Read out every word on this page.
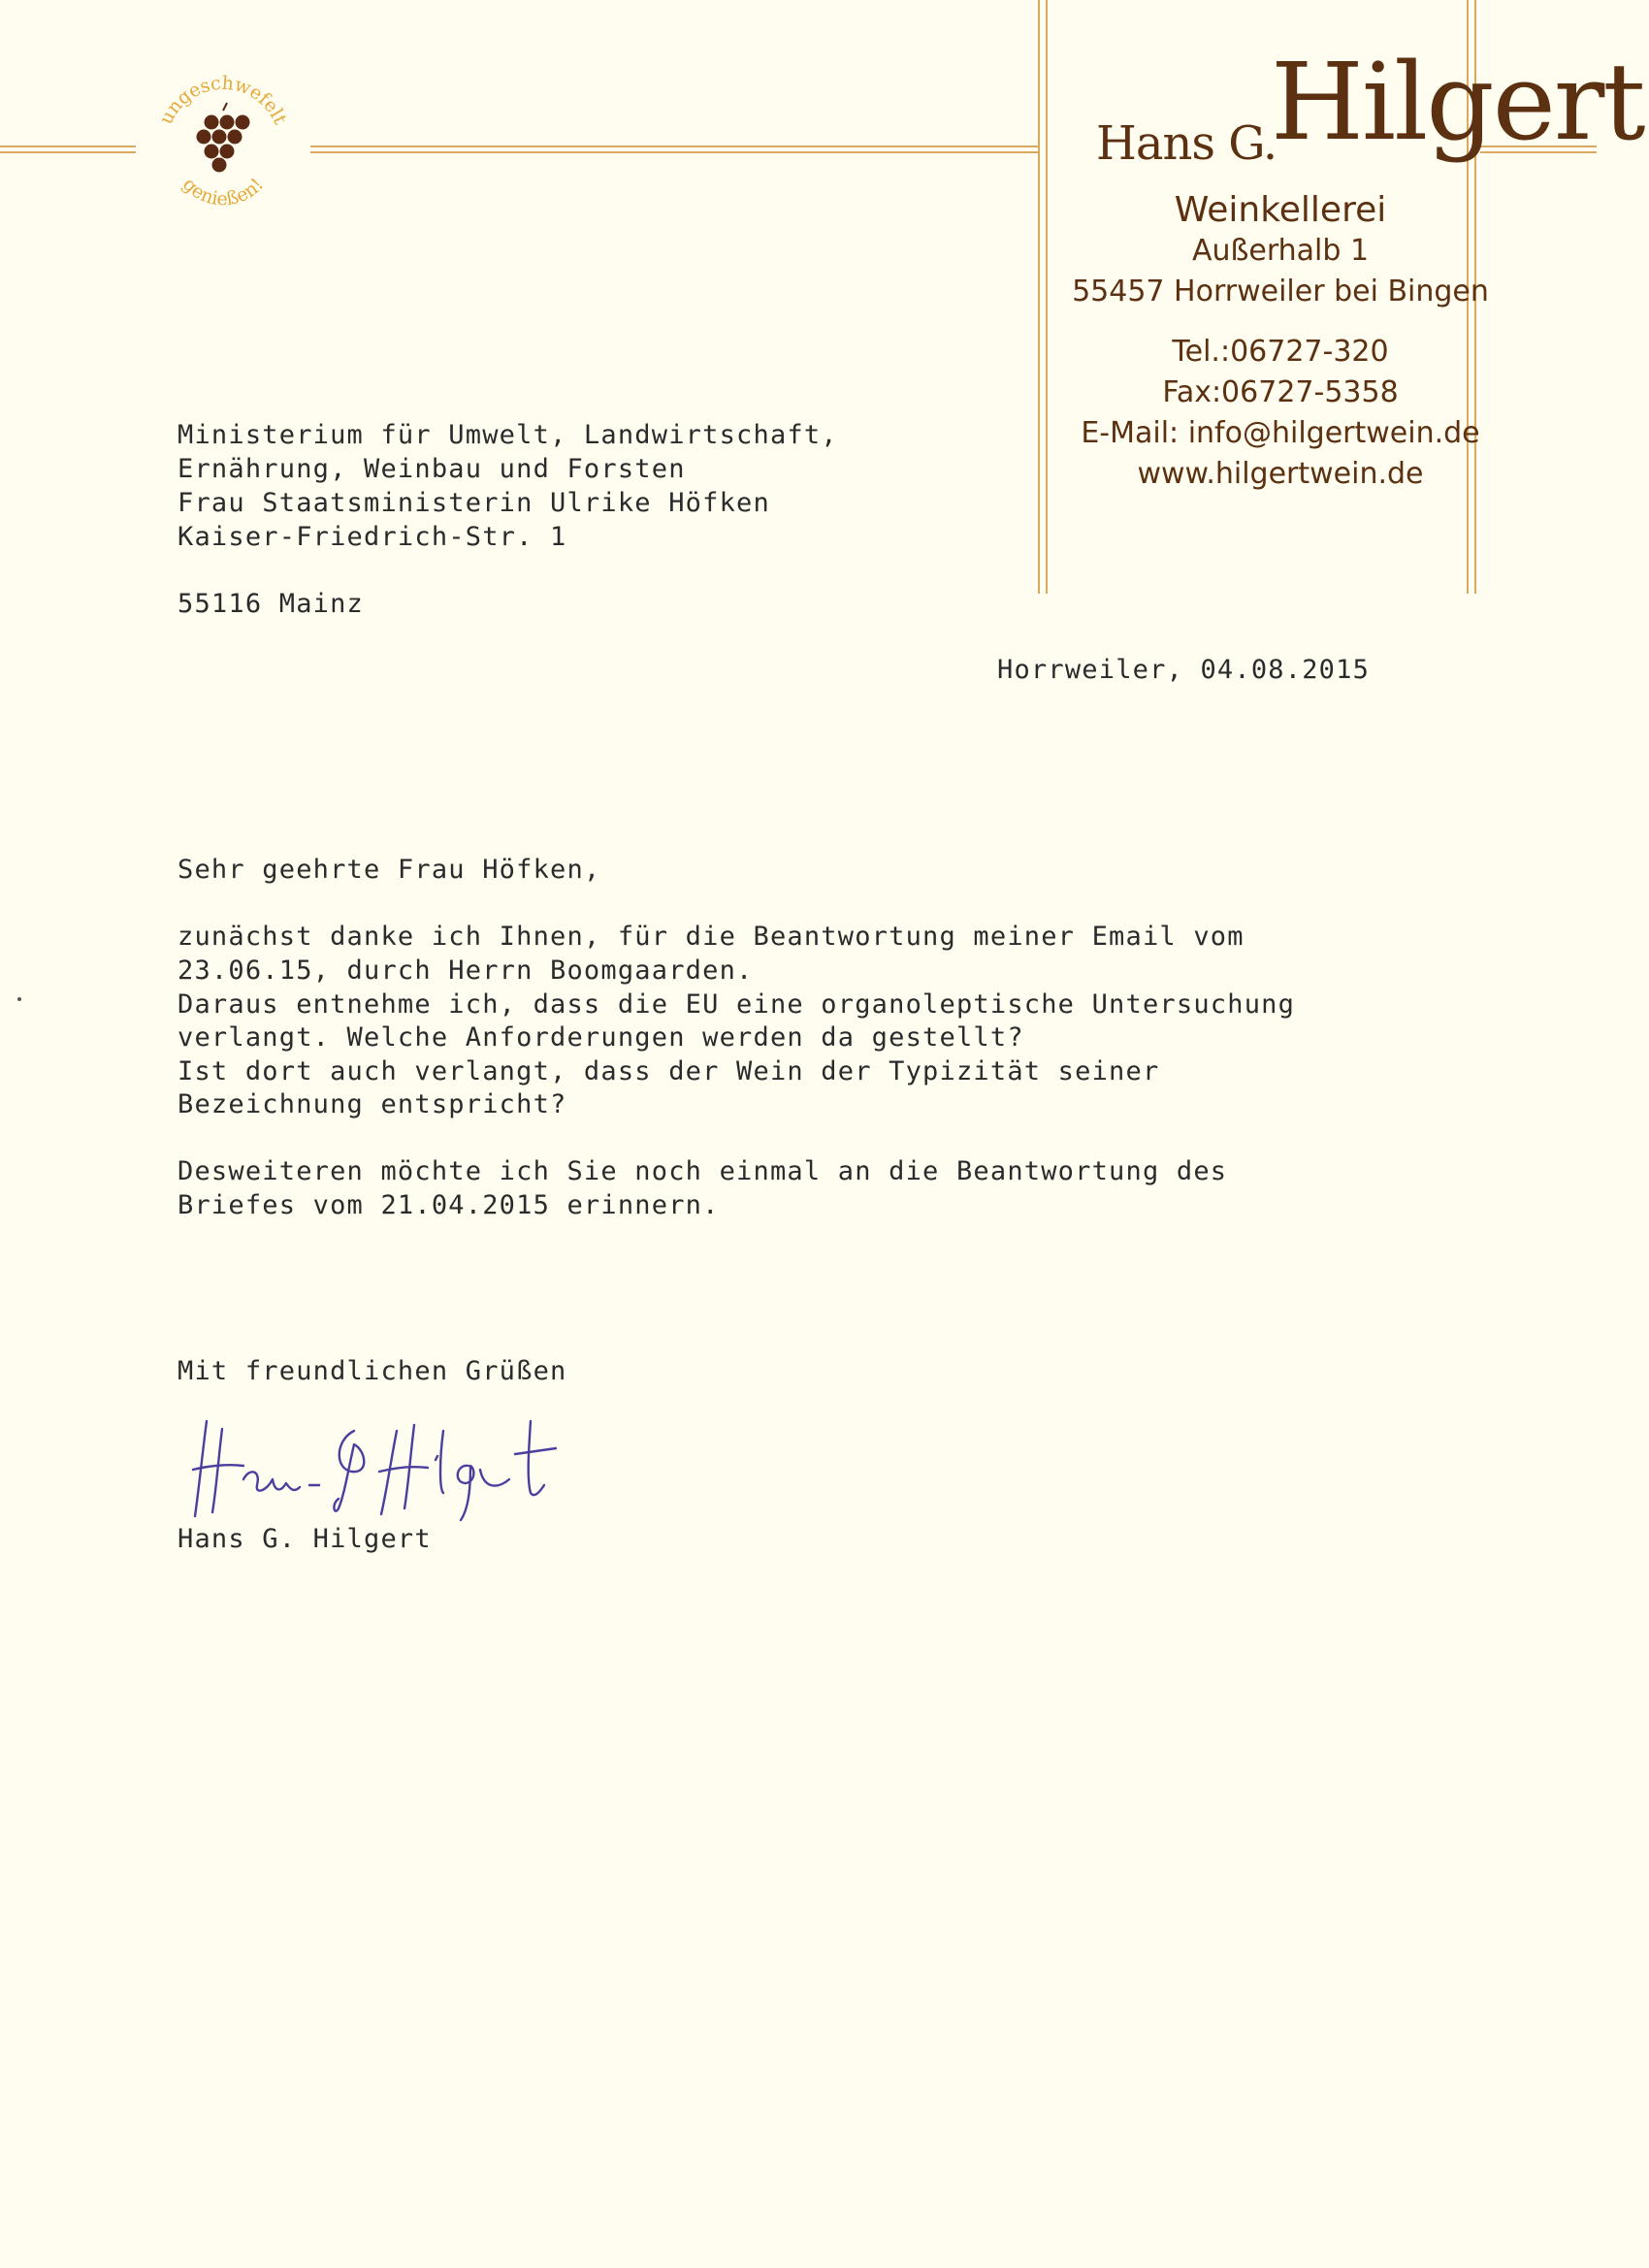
ungeschwefelt
genießen!
Hans G.
Hilgert
Weinkellerei
Außerhalb 1
55457 Horrweiler bei Bingen
Tel.:06727-320
Fax:06727-5358
E-Mail: info@hilgertwein.de
www.hilgertwein.de
Ministerium für Umwelt, Landwirtschaft,
Ernährung, Weinbau und Forsten
Frau Staatsministerin Ulrike Höfken
Kaiser-Friedrich-Str. 1
55116 Mainz
Horrweiler, 04.08.2015
Sehr geehrte Frau Höfken,
zunächst danke ich Ihnen, für die Beantwortung meiner Email vom
23.06.15, durch Herrn Boomgaarden.
Daraus entnehme ich, dass die EU eine organoleptische Untersuchung
verlangt. Welche Anforderungen werden da gestellt?
Ist dort auch verlangt, dass der Wein der Typizität seiner
Bezeichnung entspricht?
Desweiteren möchte ich Sie noch einmal an die Beantwortung des
Briefes vom 21.04.2015 erinnern.
Mit freundlichen Grüßen
Hans G. Hilgert
